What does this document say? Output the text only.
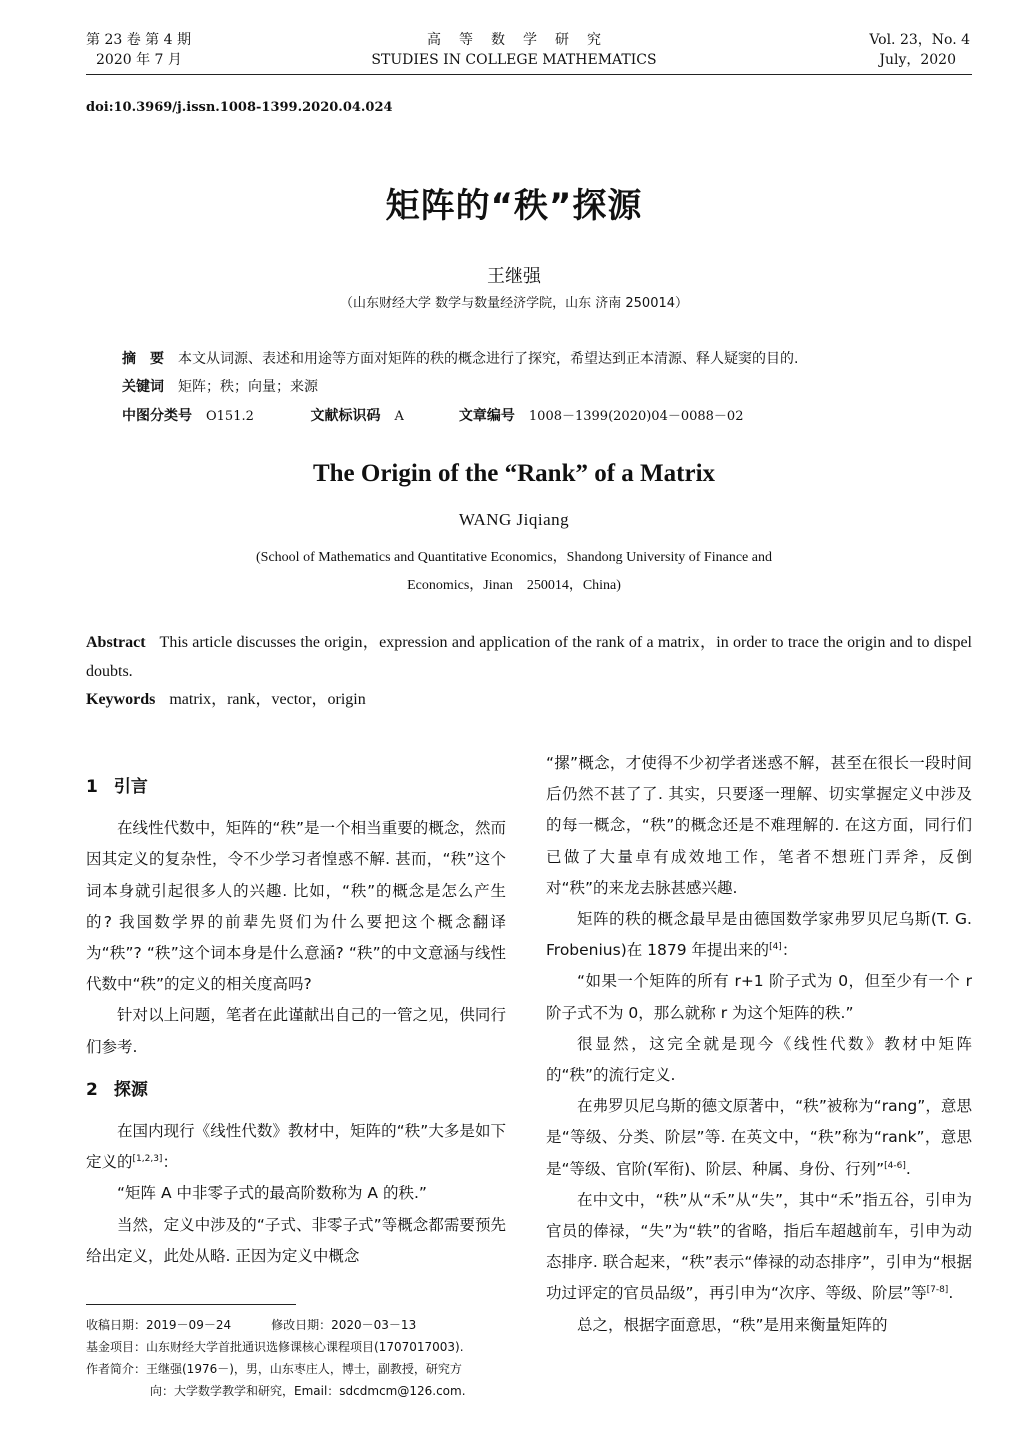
第 23 卷 第 4 期
2020 年 7 月
高等数学研究
STUDIES IN COLLEGE MATHEMATICS
Vol. 23，No. 4
July，2020
doi:10.3969/j.issn.1008-1399.2020.04.024
矩阵的“秩”探源
王继强
（山东财经大学 数学与数量经济学院，山东 济南 250014）
摘　要 本文从词源、表述和用途等方面对矩阵的秩的概念进行了探究，希望达到正本清源、释人疑窦的目的.
关键词 矩阵；秩；向量；来源
中图分类号 O151.2	文献标识码 A	文章编号 1008－1399(2020)04－0088－02
The Origin of the “Rank” of a Matrix
WANG Jiqiang
(School of Mathematics and Quantitative Economics，Shandong University of Finance and
Economics，Jinan　250014，China)
Abstract This article discusses the origin，expression and application of the rank of a matrix，in order to trace the origin and to dispel doubts.
Keywords matrix，rank，vector，origin
1 引言

在线性代数中，矩阵的“秩”是一个相当重要的概念，然而因其定义的复杂性，令不少学习者惶惑不解. 甚而，“秩”这个词本身就引起很多人的兴趣. 比如，“秩”的概念是怎么产生的? 我国数学界的前辈先贤们为什么要把这个概念翻译为“秩”? “秩”这个词本身是什么意涵? “秩”的中文意涵与线性代数中“秩”的定义的相关度高吗?

针对以上问题，笔者在此谨献出自己的一管之见，供同行们参考.

2 探源

在国内现行《线性代数》教材中，矩阵的“秩”大多是如下定义的[1,2,3]：

“矩阵 A 中非零子式的最高阶数称为 A 的秩.”

当然，定义中涉及的“子式、非零子式”等概念都需要预先给出定义，此处从略. 正因为定义中概念

“摞”概念，才使得不少初学者迷惑不解，甚至在很长一段时间后仍然不甚了了. 其实，只要逐一理解、切实掌握定义中涉及的每一概念，“秩”的概念还是不难理解的. 在这方面，同行们已做了大量卓有成效地工作，笔者不想班门弄斧，反倒对“秩”的来龙去脉甚感兴趣.

矩阵的秩的概念最早是由德国数学家弗罗贝尼乌斯(T. G. Frobenius)在 1879 年提出来的[4]：

“如果一个矩阵的所有 r+1 阶子式为 0，但至少有一个 r 阶子式不为 0，那么就称 r 为这个矩阵的秩.”

很显然，这完全就是现今《线性代数》教材中矩阵的“秩”的流行定义.

在弗罗贝尼乌斯的德文原著中，“秩”被称为“rang”，意思是“等级、分类、阶层”等. 在英文中，“秩”称为“rank”，意思是“等级、官阶(军衔)、阶层、种属、身份、行列”[4-6].

在中文中，“秩”从“禾”从“失”，其中“禾”指五谷，引申为官员的俸禄，“失”为“轶”的省略，指后车超越前车，引申为动态排序. 联合起来，“秩”表示“俸禄的动态排序”，引申为“根据功过评定的官员品级”，再引申为“次序、等级、阶层”等[7-8].

总之，根据字面意思，“秩”是用来衡量矩阵的

收稿日期：2019－09－24	修改日期：2020－03－13

基金项目：山东财经大学首批通识选修课核心课程项目(1707017003).

作者简介：王继强(1976－)，男，山东枣庄人，博士，副教授，研究方

向：大学数学教学和研究，Email：sdcdmcm@126.com.
